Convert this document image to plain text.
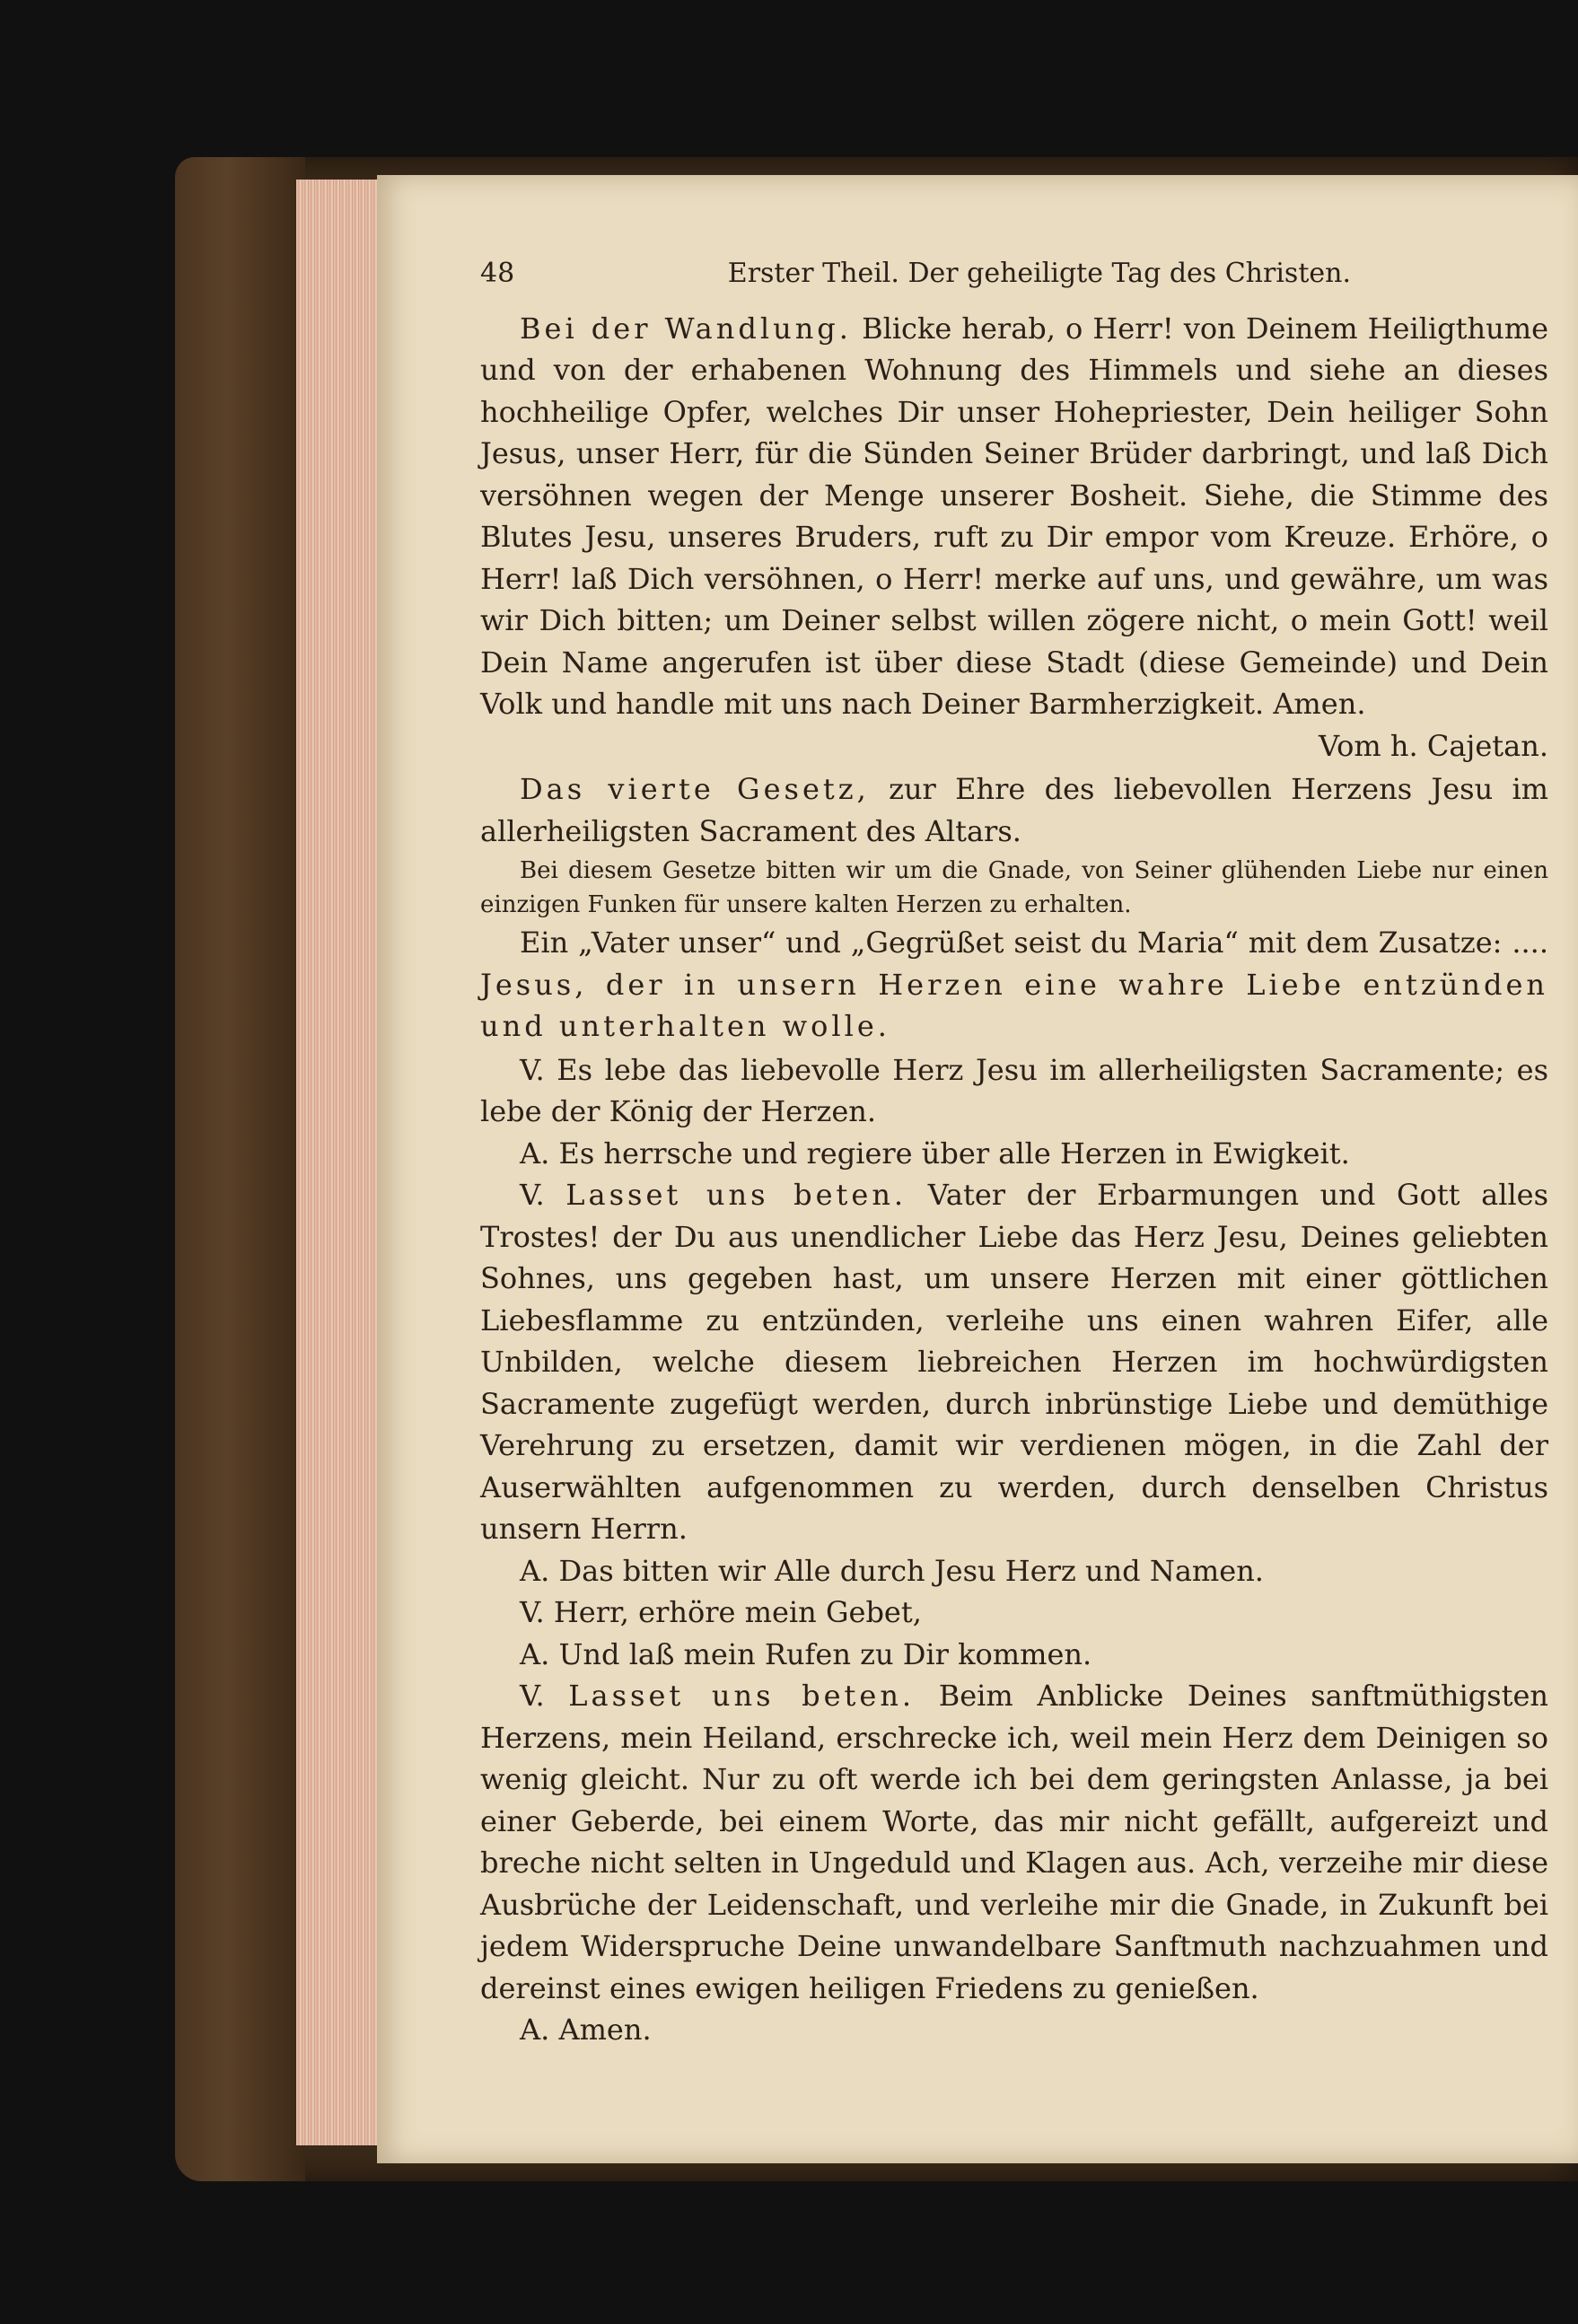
48	Erster Theil. Der geheiligte Tag des Christen.

Bei der Wandlung. Blicke herab, o Herr! von Deinem Heiligthume und von der erhabenen Wohnung des Himmels und siehe an dieses hochheilige Opfer, welches Dir unser Hohepriester, Dein heiliger Sohn Jesus, unser Herr, für die Sünden Seiner Brüder darbringt, und laß Dich versöhnen wegen der Menge unserer Bosheit. Siehe, die Stimme des Blutes Jesu, unseres Bruders, ruft zu Dir empor vom Kreuze. Erhöre, o Herr! laß Dich versöhnen, o Herr! merke auf uns, und gewähre, um was wir Dich bitten; um Deiner selbst willen zögere nicht, o mein Gott! weil Dein Name angerufen ist über diese Stadt (diese Gemeinde) und Dein Volk und handle mit uns nach Deiner Barmherzigkeit. Amen.
Vom h. Cajetan.

Das vierte Gesetz, zur Ehre des liebevollen Herzens Jesu im allerheiligsten Sacrament des Altars.

Bei diesem Gesetze bitten wir um die Gnade, von Seiner glühenden Liebe nur einen einzigen Funken für unsere kalten Herzen zu erhalten.

Ein „Vater unser“ und „Gegrüßet seist du Maria“ mit dem Zusatze: .... Jesus, der in unsern Herzen eine wahre Liebe entzünden und unterhalten wolle.

V. Es lebe das liebevolle Herz Jesu im allerheiligsten Sacramente; es lebe der König der Herzen.

A. Es herrsche und regiere über alle Herzen in Ewigkeit.

V. Lasset uns beten. Vater der Erbarmungen und Gott alles Trostes! der Du aus unendlicher Liebe das Herz Jesu, Deines geliebten Sohnes, uns gegeben hast, um unsere Herzen mit einer göttlichen Liebesflamme zu entzünden, verleihe uns einen wahren Eifer, alle Unbilden, welche diesem liebreichen Herzen im hochwürdigsten Sacramente zugefügt werden, durch inbrünstige Liebe und demüthige Verehrung zu ersetzen, damit wir verdienen mögen, in die Zahl der Auserwählten aufgenommen zu werden, durch denselben Christus unsern Herrn.

A. Das bitten wir Alle durch Jesu Herz und Namen.

V. Herr, erhöre mein Gebet,

A. Und laß mein Rufen zu Dir kommen.

V. Lasset uns beten. Beim Anblicke Deines sanftmüthigsten Herzens, mein Heiland, erschrecke ich, weil mein Herz dem Deinigen so wenig gleicht. Nur zu oft werde ich bei dem geringsten Anlasse, ja bei einer Geberde, bei einem Worte, das mir nicht gefällt, aufgereizt und breche nicht selten in Ungeduld und Klagen aus. Ach, verzeihe mir diese Ausbrüche der Leidenschaft, und verleihe mir die Gnade, in Zukunft bei jedem Widerspruche Deine unwandelbare Sanftmuth nachzuahmen und dereinst eines ewigen heiligen Friedens zu genießen.

A. Amen.
